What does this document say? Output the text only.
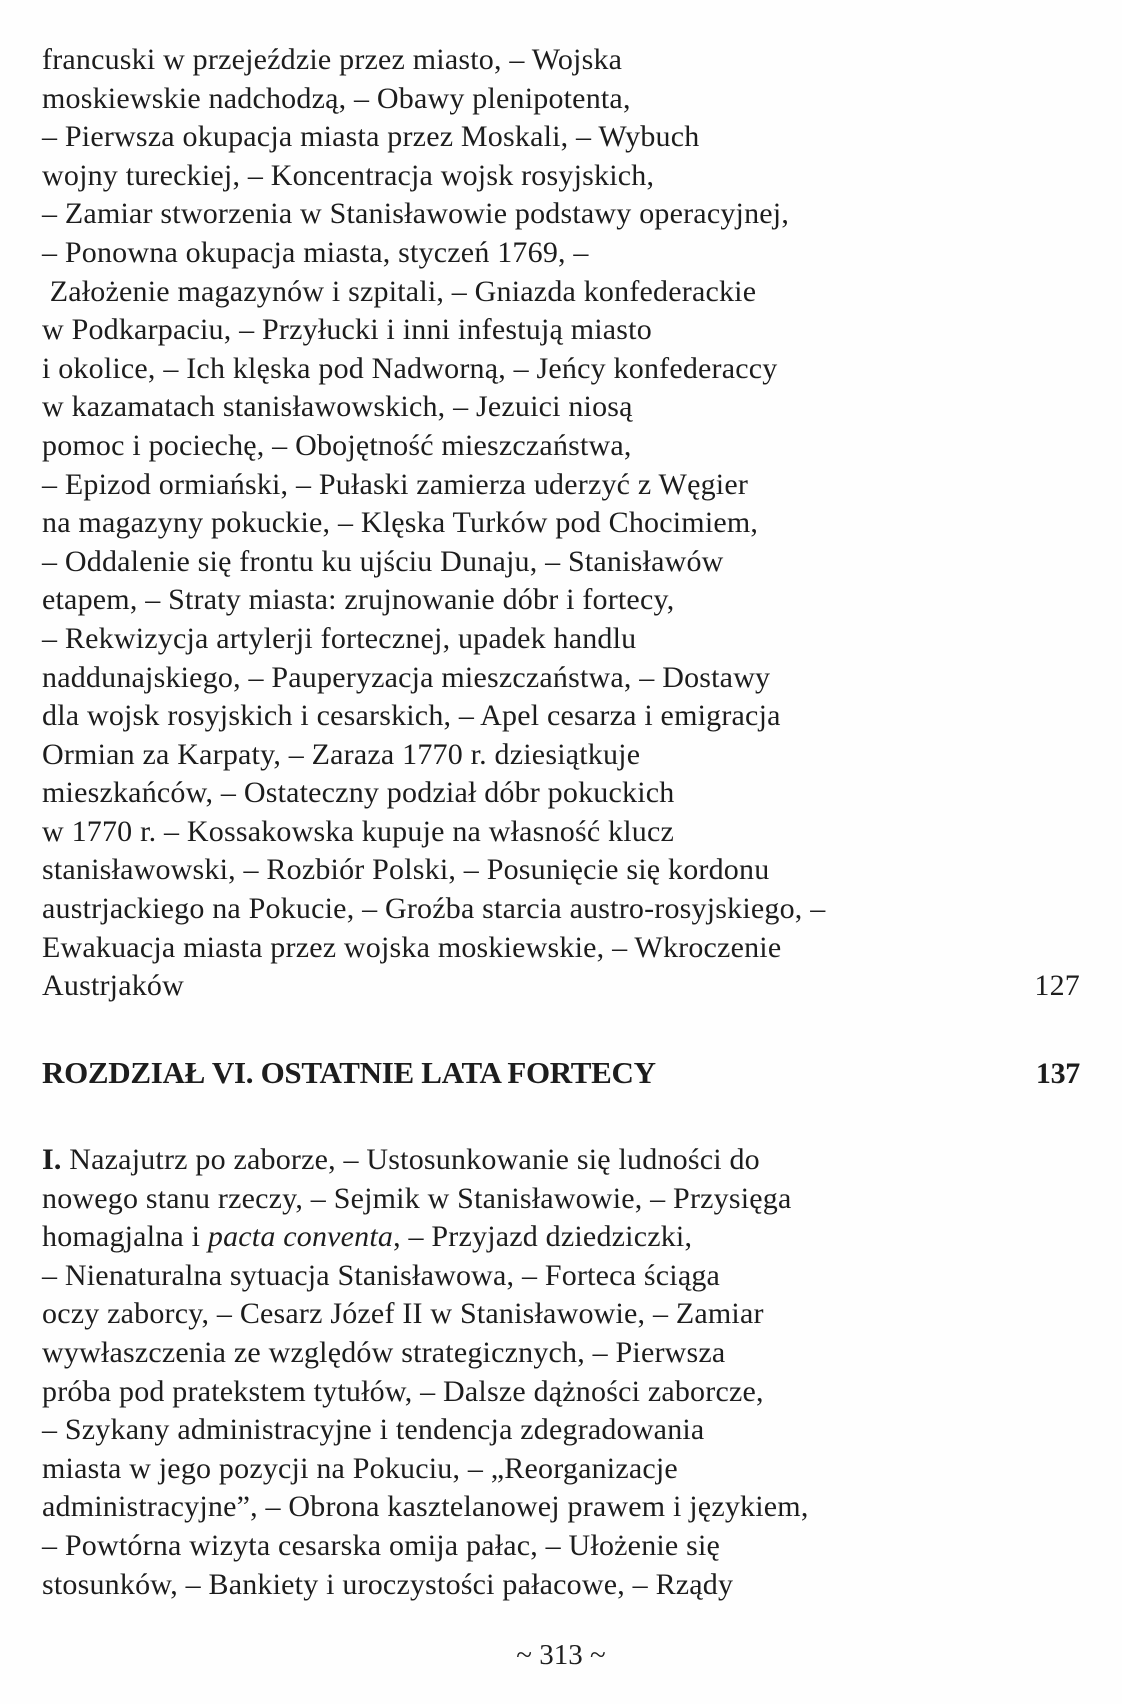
francuski w przejeździe przez miasto, – Wojska
moskiewskie nadchodzą, – Obawy plenipotenta,
– Pierwsza okupacja miasta przez Moskali, – Wybuch
wojny tureckiej, – Koncentracja wojsk rosyjskich,
– Zamiar stworzenia w Stanisławowie podstawy operacyjnej,
– Ponowna okupacja miasta, styczeń 1769, –
Założenie magazynów i szpitali, – Gniazda konfederackie
w Podkarpaciu, – Przyłucki i inni infestują miasto
i okolice, – Ich klęska pod Nadworną, – Jeńcy konfederaccy
w kazamatach stanisławowskich, – Jezuici niosą
pomoc i pociechę, – Obojętność mieszczaństwa,
– Epizod ormiański, – Pułaski zamierza uderzyć z Węgier
na magazyny pokuckie, – Klęska Turków pod Chocimiem,
– Oddalenie się frontu ku ujściu Dunaju, – Stanisławów
etapem, – Straty miasta: zrujnowanie dóbr i fortecy,
– Rekwizycja artylerji fortecznej, upadek handlu
naddunajskiego, – Pauperyzacja mieszczaństwa, – Dostawy
dla wojsk rosyjskich i cesarskich, – Apel cesarza i emigracja
Ormian za Karpaty, – Zaraza 1770 r. dziesiątkuje
mieszkańców, – Ostateczny podział dóbr pokuckich
w 1770 r. – Kossakowska kupuje na własność klucz
stanisławowski, – Rozbiór Polski, – Posunięcie się kordonu
austrjackiego na Pokucie, – Groźba starcia austro-rosyjskiego, –
Ewakuacja miasta przez wojska moskiewskie, – Wkroczenie
Austrjaków	127
ROZDZIAŁ VI. OSTATNIE LATA FORTECY	137
I. Nazajutrz po zaborze, – Ustosunkowanie się ludności do
nowego stanu rzeczy, – Sejmik w Stanisławowie, – Przysięga
homagjalna i pacta conventa, – Przyjazd dziedziczki,
– Nienaturalna sytuacja Stanisławowa, – Forteca ściąga
oczy zaborcy, – Cesarz Józef II w Stanisławowie, – Zamiar
wywłaszczenia ze względów strategicznych, – Pierwsza
próba pod pratekstem tytułów, – Dalsze dążności zaborcze,
– Szykany administracyjne i tendencja zdegradowania
miasta w jego pozycji na Pokuciu, – „Reorganizacje
administracyjne”, – Obrona kasztelanowej prawem i językiem,
– Powtórna wizyta cesarska omija pałac, – Ułożenie się
stosunków, – Bankiety i uroczystości pałacowe, – Rządy
~ 313 ~
